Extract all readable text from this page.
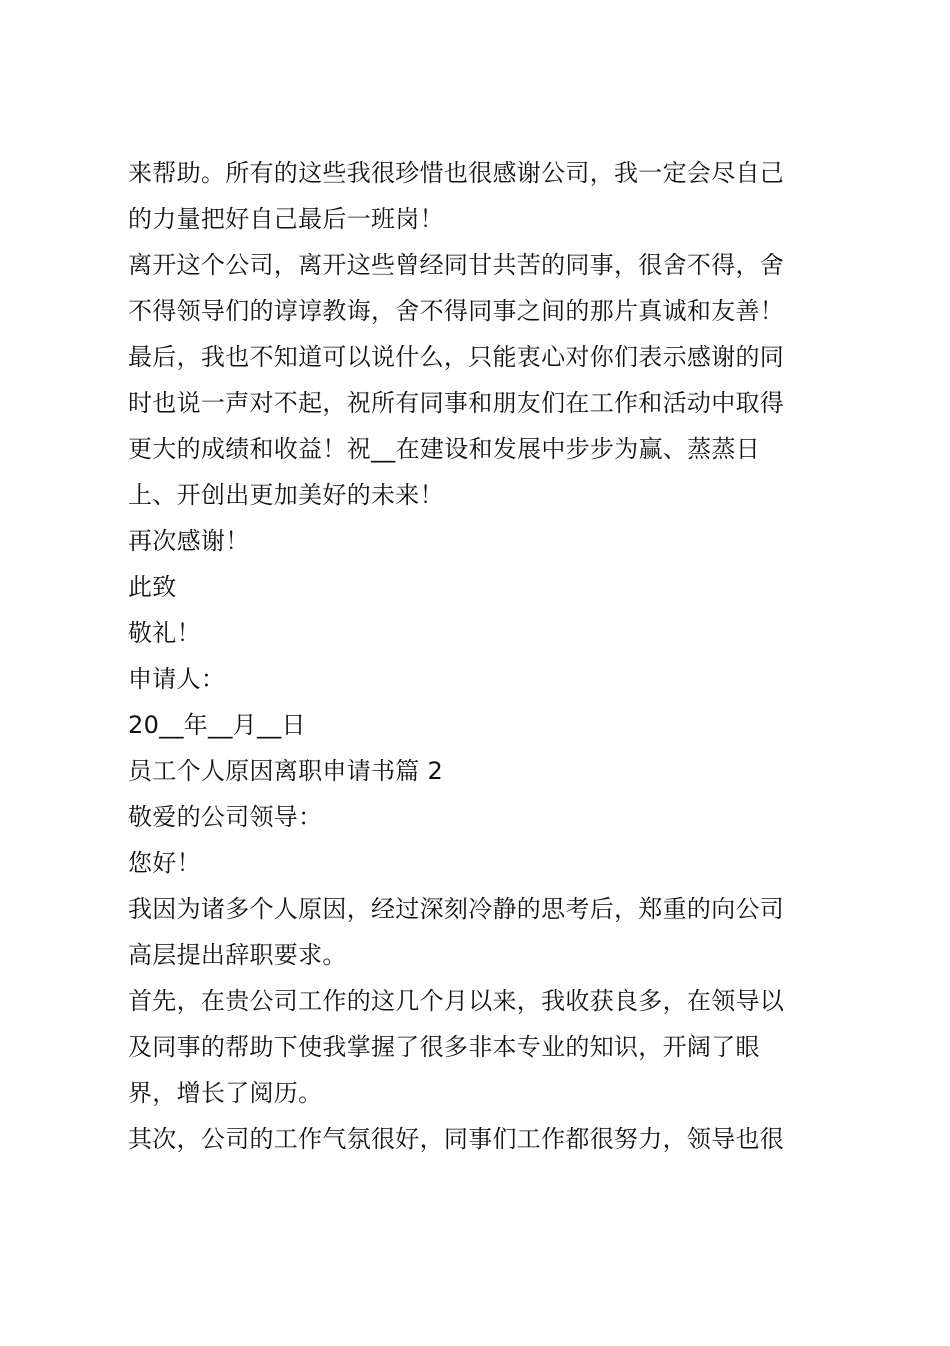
来帮助。所有的这些我很珍惜也很感谢公司，我一定会尽自己
的力量把好自己最后一班岗！
离开这个公司，离开这些曾经同甘共苦的同事，很舍不得，舍
不得领导们的谆谆教诲，舍不得同事之间的那片真诚和友善！
最后，我也不知道可以说什么，只能衷心对你们表示感谢的同
时也说一声对不起，祝所有同事和朋友们在工作和活动中取得
更大的成绩和收益！祝__在建设和发展中步步为赢、蒸蒸日
上、开创出更加美好的未来！
再次感谢！
此致
敬礼！
申请人：
20__年__月__日
员工个人原因离职申请书篇 2
敬爱的公司领导：
您好！
我因为诸多个人原因，经过深刻冷静的思考后，郑重的向公司
高层提出辞职要求。
首先，在贵公司工作的这几个月以来，我收获良多，在领导以
及同事的帮助下使我掌握了很多非本专业的知识，开阔了眼
界，增长了阅历。
其次，公司的工作气氛很好，同事们工作都很努力，领导也很
